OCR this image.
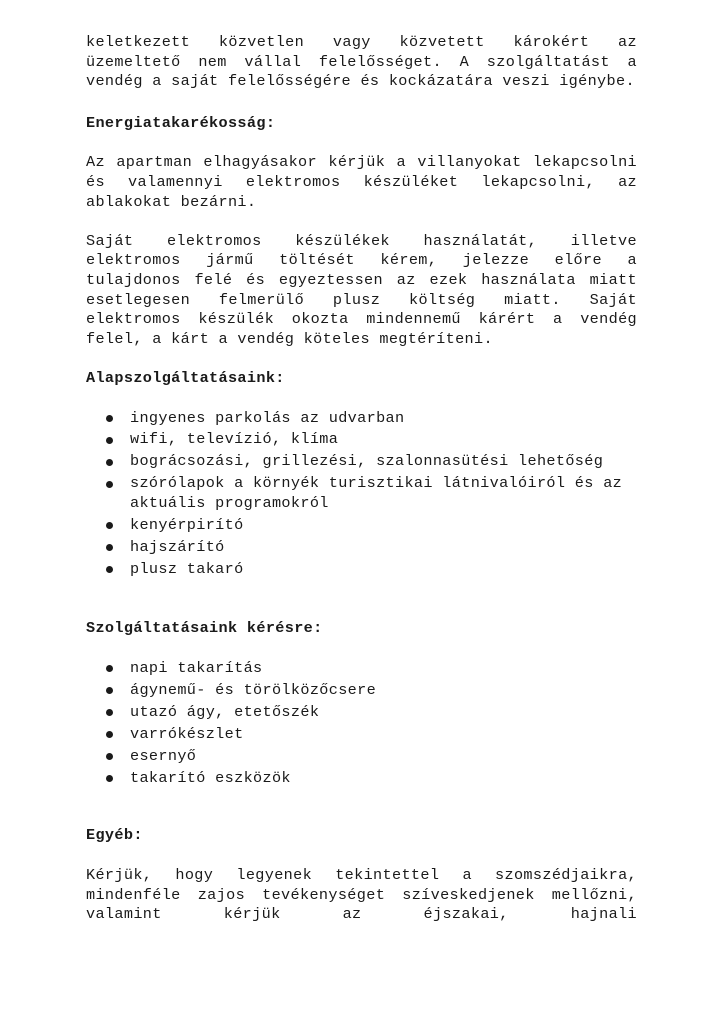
keletkezett közvetlen vagy közvetett károkért az üzemeltető nem vállal felelősséget. A szolgáltatást a vendég a saját felelősségére és kockázatára veszi igénybe.

Energiatakarékosság:

Az apartman elhagyásakor kérjük a villanyokat lekapcsolni és valamennyi elektromos készüléket lekapcsolni, az ablakokat bezárni.

Saját elektromos készülékek használatát, illetve elektromos jármű töltését kérem, jelezze előre a tulajdonos felé és egyeztessen az ezek használata miatt esetlegesen felmerülő plusz költség miatt. Saját elektromos készülék okozta mindennemű kárért a vendég felel, a kárt a vendég köteles megtéríteni.

Alapszolgáltatásaink:
ingyenes parkolás az udvarban
wifi, televízió, klíma
bográcsozási, grillezési, szalonnasütési lehetőség
szórólapok a környék turisztikai látnivalóiról és az aktuális programokról
kenyérpirító
hajszárító
plusz takaró
Szolgáltatásaink kérésre:
napi takarítás
ágynemű- és törölközőcsere
utazó ágy, etetőszék
varrókészlet
esernyő
takarító eszközök
Egyéb:

Kérjük, hogy legyenek tekintettel a szomszédjaikra, mindenféle zajos tevékenységet szíveskedjenek mellőzni, valamint kérjük az éjszakai, hajnali
